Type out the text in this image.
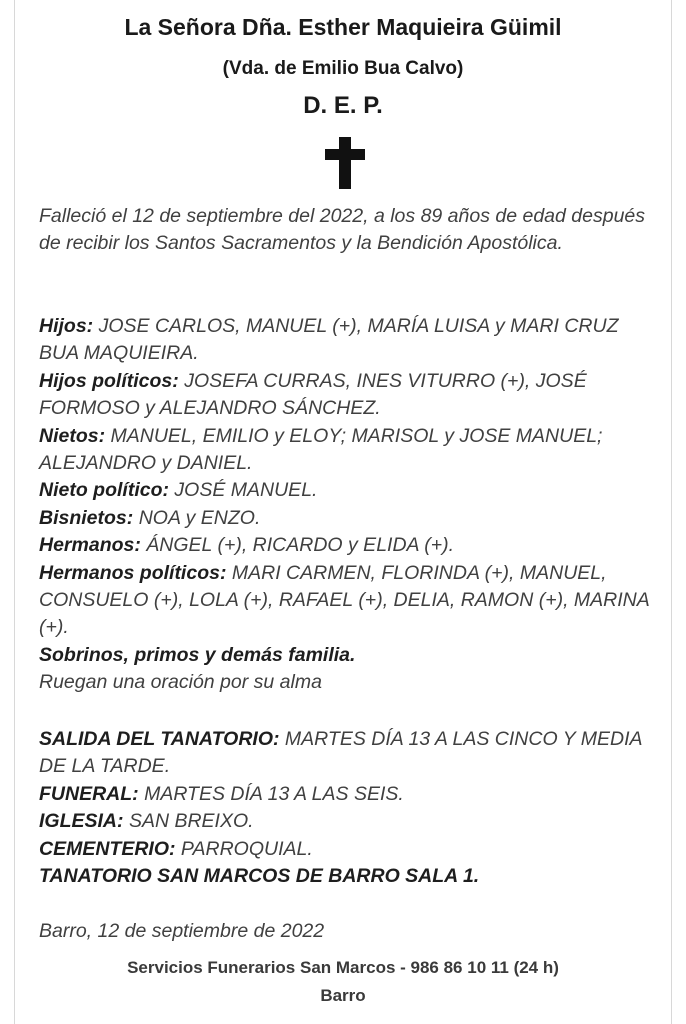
La Señora Dña. Esther Maquieira Güimil
(Vda. de Emilio Bua Calvo)
D. E. P.

Falleció el 12 de septiembre del 2022, a los 89 años de edad después de recibir los Santos Sacramentos y la Bendición Apostólica.

Hijos: JOSE CARLOS, MANUEL (+), MARÍA LUISA y MARI CRUZ BUA MAQUIEIRA.

Hijos políticos: JOSEFA CURRAS, INES VITURRO (+), JOSÉ FORMOSO y ALEJANDRO SÁNCHEZ.

Nietos: MANUEL, EMILIO y ELOY; MARISOL y JOSE MANUEL; ALEJANDRO y DANIEL.

Nieto político: JOSÉ MANUEL.

Bisnietos: NOA y ENZO.

Hermanos: ÁNGEL (+), RICARDO y ELIDA (+).

Hermanos políticos: MARI CARMEN, FLORINDA (+), MANUEL, CONSUELO (+), LOLA (+), RAFAEL (+), DELIA, RAMON (+), MARINA (+).

Sobrinos, primos y demás familia.

Ruegan una oración por su alma

SALIDA DEL TANATORIO: MARTES DÍA 13 A LAS CINCO Y MEDIA DE LA TARDE.

FUNERAL: MARTES DÍA 13 A LAS SEIS.

IGLESIA: SAN BREIXO.

CEMENTERIO: PARROQUIAL.

TANATORIO SAN MARCOS DE BARRO SALA 1.

Barro, 12 de septiembre de 2022

Servicios Funerarios San Marcos - 986 86 10 11 (24 h)
Barro
